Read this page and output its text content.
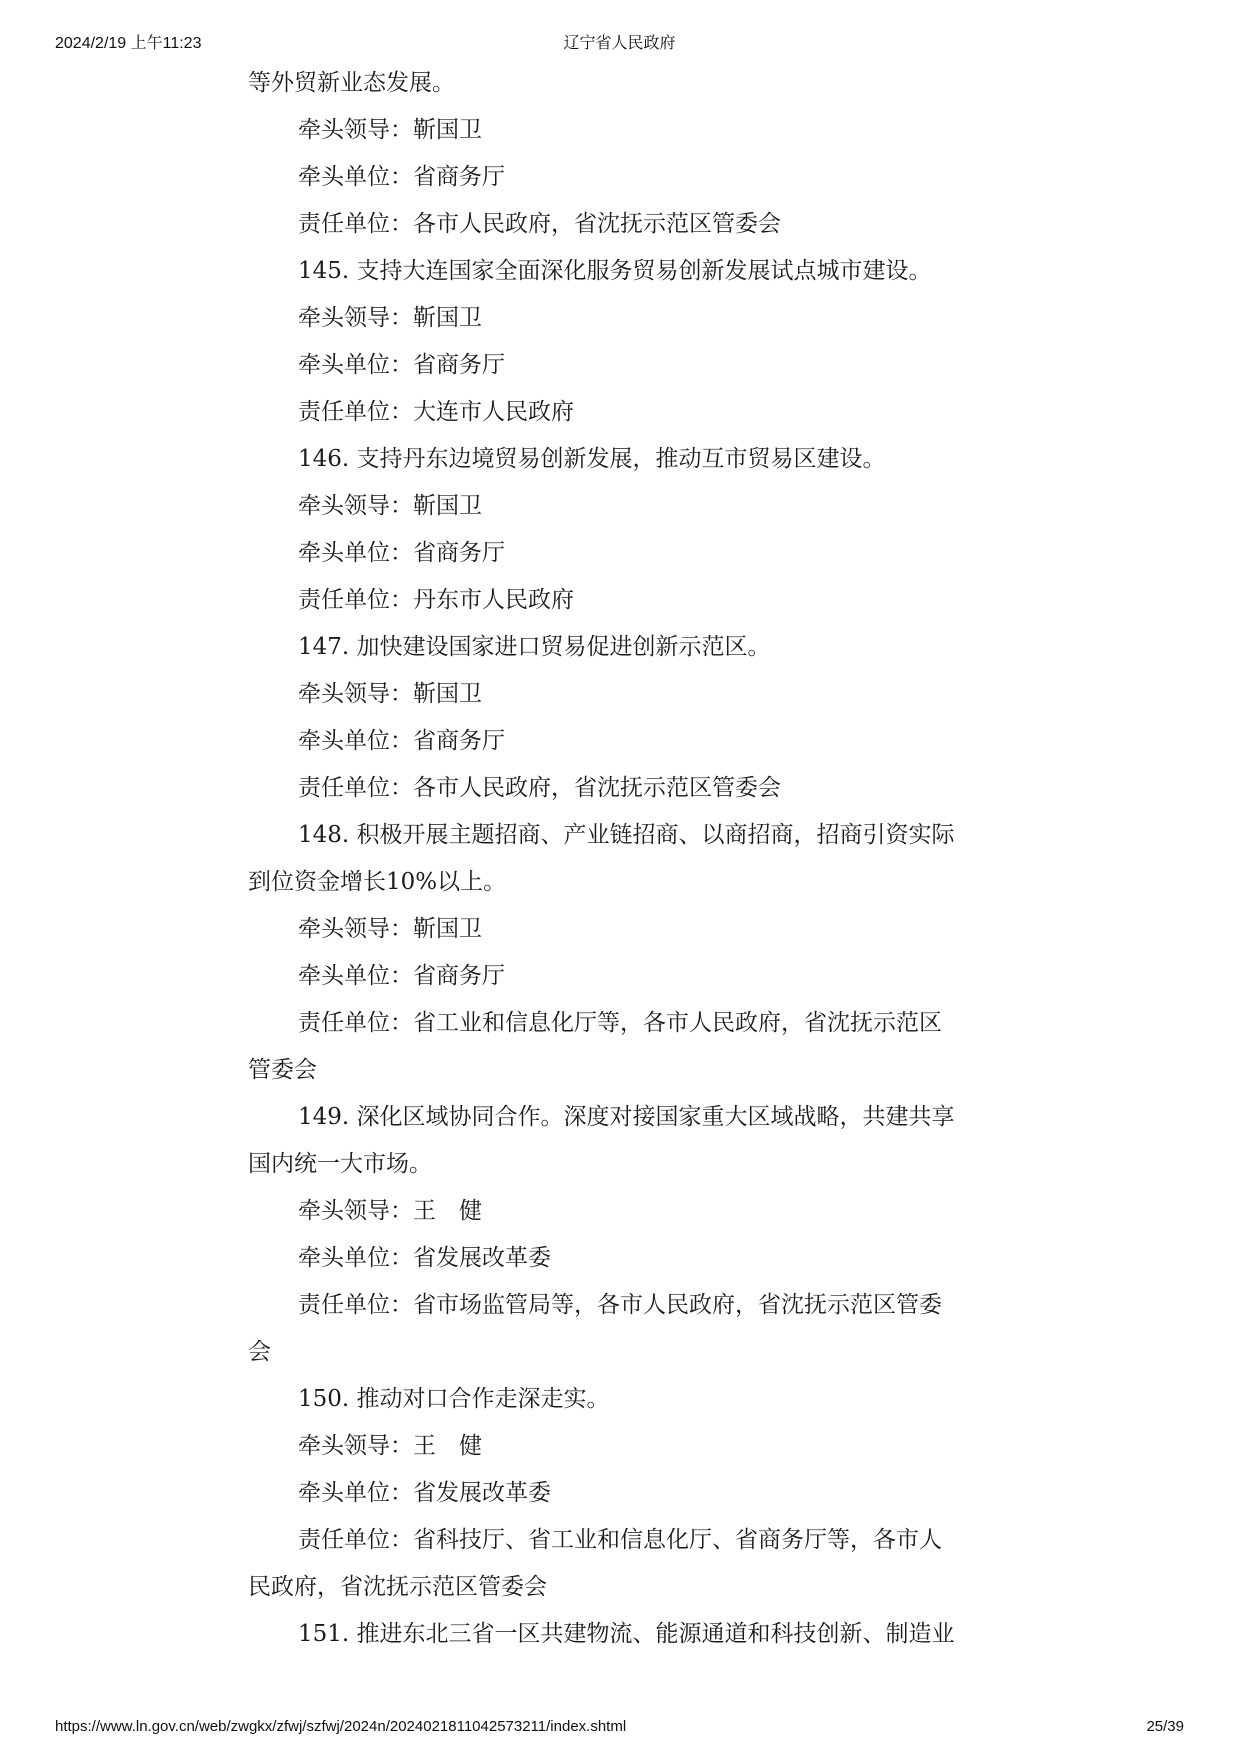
辽宁省人民政府
2024/2/19 上午11:23

等外贸新业态发展。

牵头领导：靳国卫

牵头单位：省商务厅

责任单位：各市人民政府，省沈抚示范区管委会

145. 支持大连国家全面深化服务贸易创新发展试点城市建设。

牵头领导：靳国卫

牵头单位：省商务厅

责任单位：大连市人民政府

146. 支持丹东边境贸易创新发展，推动互市贸易区建设。

牵头领导：靳国卫

牵头单位：省商务厅

责任单位：丹东市人民政府

147. 加快建设国家进口贸易促进创新示范区。

牵头领导：靳国卫

牵头单位：省商务厅

责任单位：各市人民政府，省沈抚示范区管委会

148. 积极开展主题招商、产业链招商、以商招商，招商引资实际

到位资金增长10%以上。

牵头领导：靳国卫

牵头单位：省商务厅

责任单位：省工业和信息化厅等，各市人民政府，省沈抚示范区

管委会

149. 深化区域协同合作。深度对接国家重大区域战略，共建共享

国内统一大市场。

牵头领导：王　健

牵头单位：省发展改革委

责任单位：省市场监管局等，各市人民政府，省沈抚示范区管委

会

150. 推动对口合作走深走实。

牵头领导：王　健

牵头单位：省发展改革委

责任单位：省科技厅、省工业和信息化厅、省商务厅等，各市人

民政府，省沈抚示范区管委会

151. 推进东北三省一区共建物流、能源通道和科技创新、制造业

https://www.ln.gov.cn/web/zwgkx/zfwj/szfwj/2024n/2024021811042573211/index.shtml	25/39
